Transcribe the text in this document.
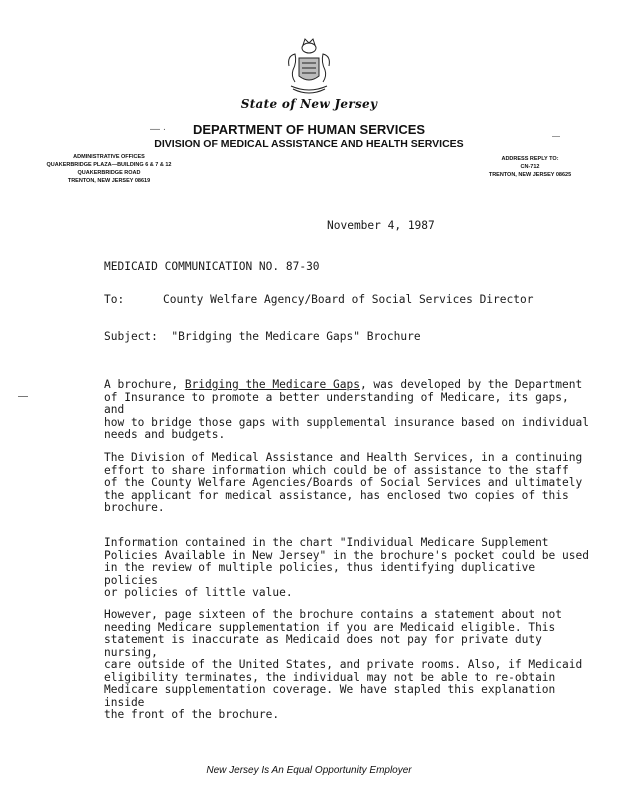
State of New Jersey
— ·	DEPARTMENT OF HUMAN SERVICES
DIVISION OF MEDICAL ASSISTANCE AND HEALTH SERVICES
ADMINISTRATIVE OFFICES
QUAKERBRIDGE PLAZA—BUILDING 6 & 7 & 12
QUAKERBRIDGE ROAD
TRENTON, NEW JERSEY 08619
ADDRESS REPLY TO:
CN-712
TRENTON, NEW JERSEY 08625
November 4, 1987
MEDICAID COMMUNICATION NO. 87-30
To:	County Welfare Agency/Board of Social Services Director
Subject: "Bridging the Medicare Gaps" Brochure

A brochure, Bridging the Medicare Gaps, was developed by the Department
of Insurance to promote a better understanding of Medicare, its gaps, and
how to bridge those gaps with supplemental insurance based on individual
needs and budgets.

The Division of Medical Assistance and Health Services, in a continuing
effort to share information which could be of assistance to the staff
of the County Welfare Agencies/Boards of Social Services and ultimately
the applicant for medical assistance, has enclosed two copies of this
brochure.

Information contained in the chart "Individual Medicare Supplement
Policies Available in New Jersey" in the brochure's pocket could be used
in the review of multiple policies, thus identifying duplicative policies
or policies of little value.

However, page sixteen of the brochure contains a statement about not
needing Medicare supplementation if you are Medicaid eligible. This
statement is inaccurate as Medicaid does not pay for private duty nursing,
care outside of the United States, and private rooms. Also, if Medicaid
eligibility terminates, the individual may not be able to re-obtain
Medicare supplementation coverage. We have stapled this explanation inside
the front of the brochure.

New Jersey Is An Equal Opportunity Employer
